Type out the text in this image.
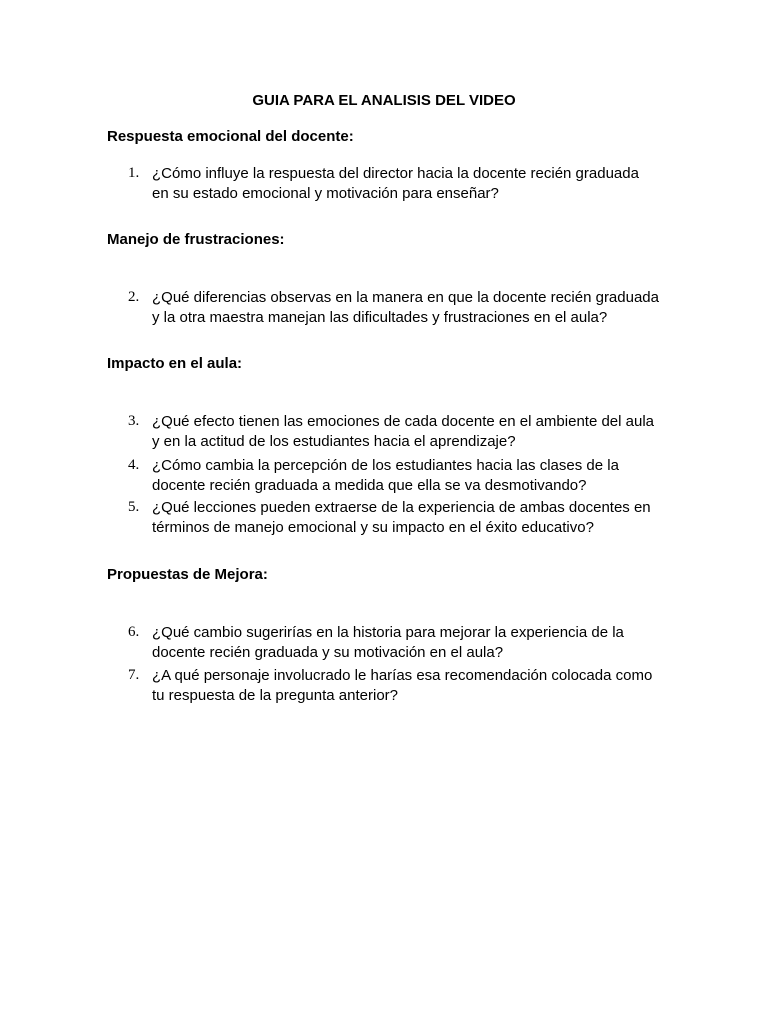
GUIA PARA EL ANALISIS DEL VIDEO
Respuesta emocional del docente:
1. ¿Cómo influye la respuesta del director hacia la docente recién graduada
en su estado emocional y motivación para enseñar?
Manejo de frustraciones:
2. ¿Qué diferencias observas en la manera en que la docente recién graduada
y la otra maestra manejan las dificultades y frustraciones en el aula?
Impacto en el aula:
3. ¿Qué efecto tienen las emociones de cada docente en el ambiente del aula
y en la actitud de los estudiantes hacia el aprendizaje?
4. ¿Cómo cambia la percepción de los estudiantes hacia las clases de la
docente recién graduada a medida que ella se va desmotivando?
5. ¿Qué lecciones pueden extraerse de la experiencia de ambas docentes en
términos de manejo emocional y su impacto en el éxito educativo?
Propuestas de Mejora:
6. ¿Qué cambio sugerirías en la historia para mejorar la experiencia de la
docente recién graduada y su motivación en el aula?
7. ¿A qué personaje involucrado le harías esa recomendación colocada como
tu respuesta de la pregunta anterior?
